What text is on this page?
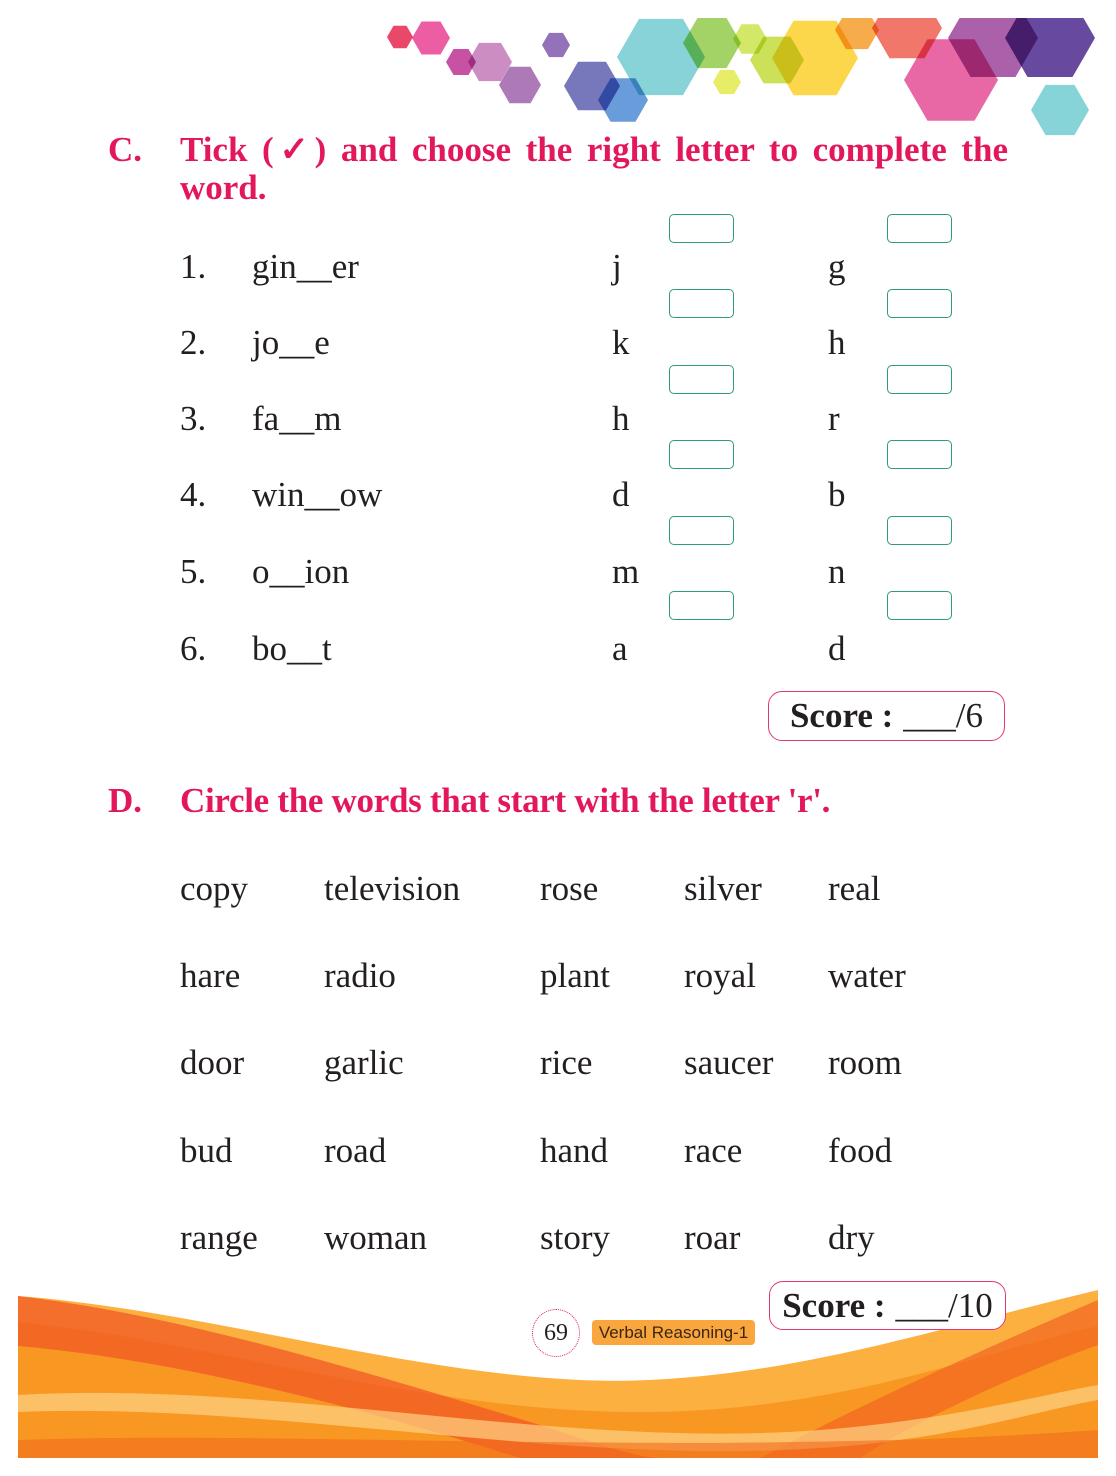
C. Tick (✓) and choose the right letter to complete the word.
1. gin__er	j	g
2. jo__e	k	h
3. fa__m	h	r
4. win__ow	d	b
5. o__ion	m	n
6. bo__t	a	d
Score : ___/6
D. Circle the words that start with the letter 'r'.
copy television rose silver real
hare radio	plant royal water
door garlic	rice	saucer room
bud	road	hand race food
range woman	story roar	dry
Score : ___/10
69	Verbal Reasoning-1
